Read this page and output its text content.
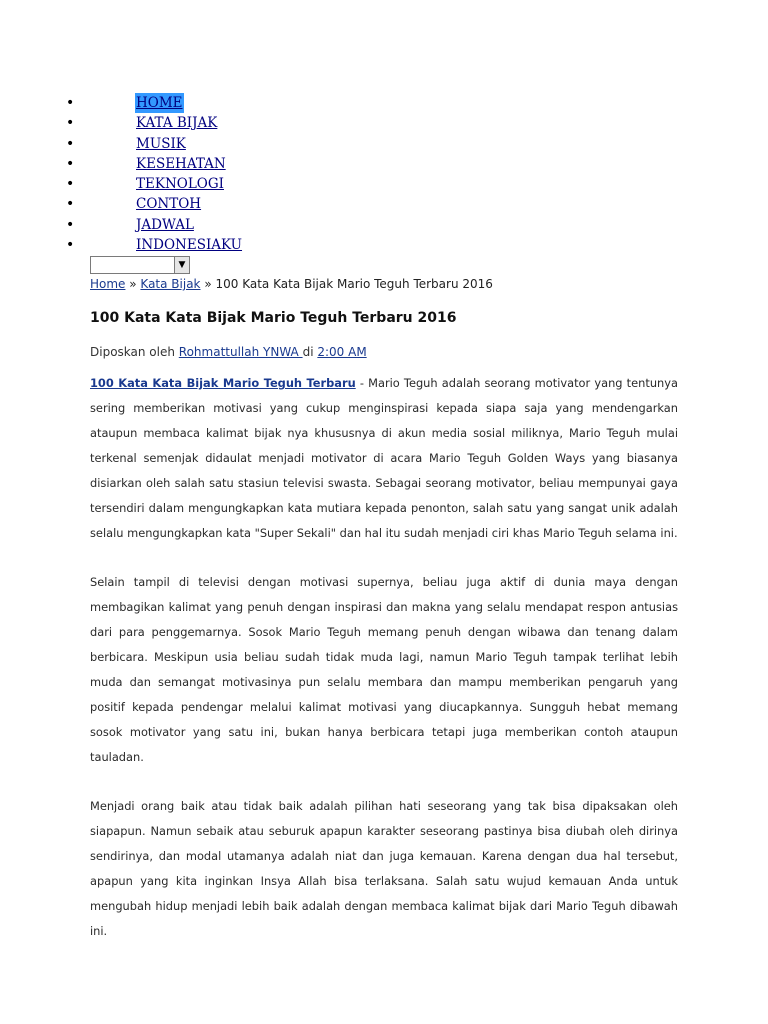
•	HOME
•	KATA BIJAK
•	MUSIK
•	KESEHATAN
•	TEKNOLOGI
•	CONTOH
•	JADWAL
•	INDONESIAKU
▼
Home » Kata Bijak » 100 Kata Kata Bijak Mario Teguh Terbaru 2016
100 Kata Kata Bijak Mario Teguh Terbaru 2016
Diposkan oleh Rohmattullah YNWA di 2:00 AM

100 Kata Kata Bijak Mario Teguh Terbaru - Mario Teguh adalah seorang motivator yang tentunya sering memberikan motivasi yang cukup menginspirasi kepada siapa saja yang mendengarkan ataupun membaca kalimat bijak nya khususnya di akun media sosial miliknya, Mario Teguh mulai terkenal semenjak didaulat menjadi motivator di acara Mario Teguh Golden Ways yang biasanya disiarkan oleh salah satu stasiun televisi swasta. Sebagai seorang motivator, beliau mempunyai gaya tersendiri dalam mengungkapkan kata mutiara kepada penonton, salah satu yang sangat unik adalah selalu mengungkapkan kata "Super Sekali" dan hal itu sudah menjadi ciri khas Mario Teguh selama ini.

Selain tampil di televisi dengan motivasi supernya, beliau juga aktif di dunia maya dengan membagikan kalimat yang penuh dengan inspirasi dan makna yang selalu mendapat respon antusias dari para penggemarnya. Sosok Mario Teguh memang penuh dengan wibawa dan tenang dalam berbicara. Meskipun usia beliau sudah tidak muda lagi, namun Mario Teguh tampak terlihat lebih muda dan semangat motivasinya pun selalu membara dan mampu memberikan pengaruh yang positif kepada pendengar melalui kalimat motivasi yang diucapkannya. Sungguh hebat memang sosok motivator yang satu ini, bukan hanya berbicara tetapi juga memberikan contoh ataupun tauladan.

Menjadi orang baik atau tidak baik adalah pilihan hati seseorang yang tak bisa dipaksakan oleh siapapun. Namun sebaik atau seburuk apapun karakter seseorang pastinya bisa diubah oleh dirinya sendirinya, dan modal utamanya adalah niat dan juga kemauan. Karena dengan dua hal tersebut, apapun yang kita inginkan Insya Allah bisa terlaksana. Salah satu wujud kemauan Anda untuk mengubah hidup menjadi lebih baik adalah dengan membaca kalimat bijak dari Mario Teguh dibawah ini.
